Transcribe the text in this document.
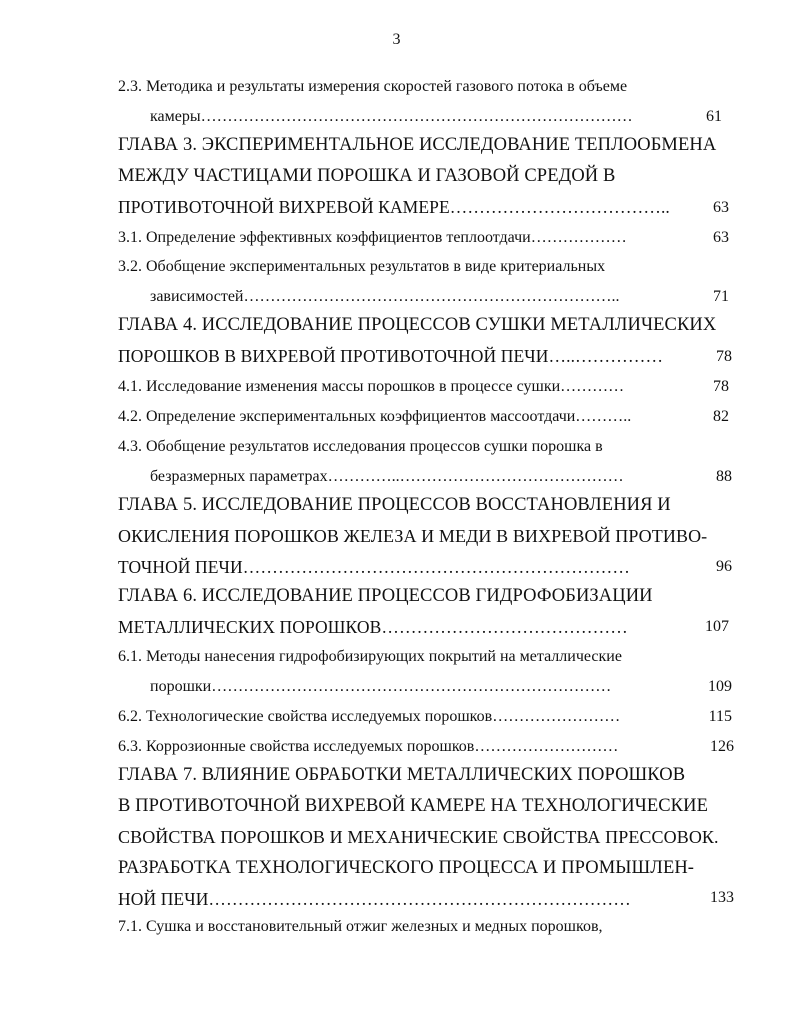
3
2.3. Методика и результаты измерения скоростей газового потока в объеме
камеры………………………………………………………………………	61
ГЛАВА 3. ЭКСПЕРИМЕНТАЛЬНОЕ ИССЛЕДОВАНИЕ ТЕПЛООБМЕНА
МЕЖДУ ЧАСТИЦАМИ ПОРОШКА И ГАЗОВОЙ СРЕДОЙ В
ПРОТИВОТОЧНОЙ ВИХРЕВОЙ КАМЕРЕ………………………………..	63
3.1. Определение эффективных коэффициентов теплоотдачи………………	63
3.2. Обобщение экспериментальных результатов в виде критериальных
зависимостей……………………………………………………………..	71
ГЛАВА 4. ИССЛЕДОВАНИЕ ПРОЦЕССОВ СУШКИ МЕТАЛЛИЧЕСКИХ
ПОРОШКОВ В ВИХРЕВОЙ ПРОТИВОТОЧНОЙ ПЕЧИ…..……………	78
4.1. Исследование изменения массы порошков в процессе сушки…………	78
4.2. Определение экспериментальных коэффициентов массоотдачи………..	82
4.3. Обобщение результатов исследования процессов сушки порошка в
безразмерных параметрах…………..……………………………………	88
ГЛАВА 5. ИССЛЕДОВАНИЕ ПРОЦЕССОВ ВОССТАНОВЛЕНИЯ И
ОКИСЛЕНИЯ ПОРОШКОВ ЖЕЛЕЗА И МЕДИ В ВИХРЕВОЙ ПРОТИВО-
ТОЧНОЙ ПЕЧИ…………………………………………………………	96
ГЛАВА 6. ИССЛЕДОВАНИЕ ПРОЦЕССОВ ГИДРОФОБИЗАЦИИ
МЕТАЛЛИЧЕСКИХ ПОРОШКОВ……………………………………	107
6.1. Методы нанесения гидрофобизирующих покрытий на металлические
порошки…………………………………………………………………	109
6.2. Технологические свойства исследуемых порошков……………………	115
6.3. Коррозионные свойства исследуемых порошков………………………	126
ГЛАВА 7. ВЛИЯНИЕ ОБРАБОТКИ МЕТАЛЛИЧЕСКИХ ПОРОШКОВ
В ПРОТИВОТОЧНОЙ ВИХРЕВОЙ КАМЕРЕ НА ТЕХНОЛОГИЧЕСКИЕ
СВОЙСТВА ПОРОШКОВ И МЕХАНИЧЕСКИЕ СВОЙСТВА ПРЕССОВОК.
РАЗРАБОТКА ТЕХНОЛОГИЧЕСКОГО ПРОЦЕССА И ПРОМЫШЛЕН-
НОЙ ПЕЧИ………………………………………………………………	133
7.1. Сушка и восстановительный отжиг железных и медных порошков,
